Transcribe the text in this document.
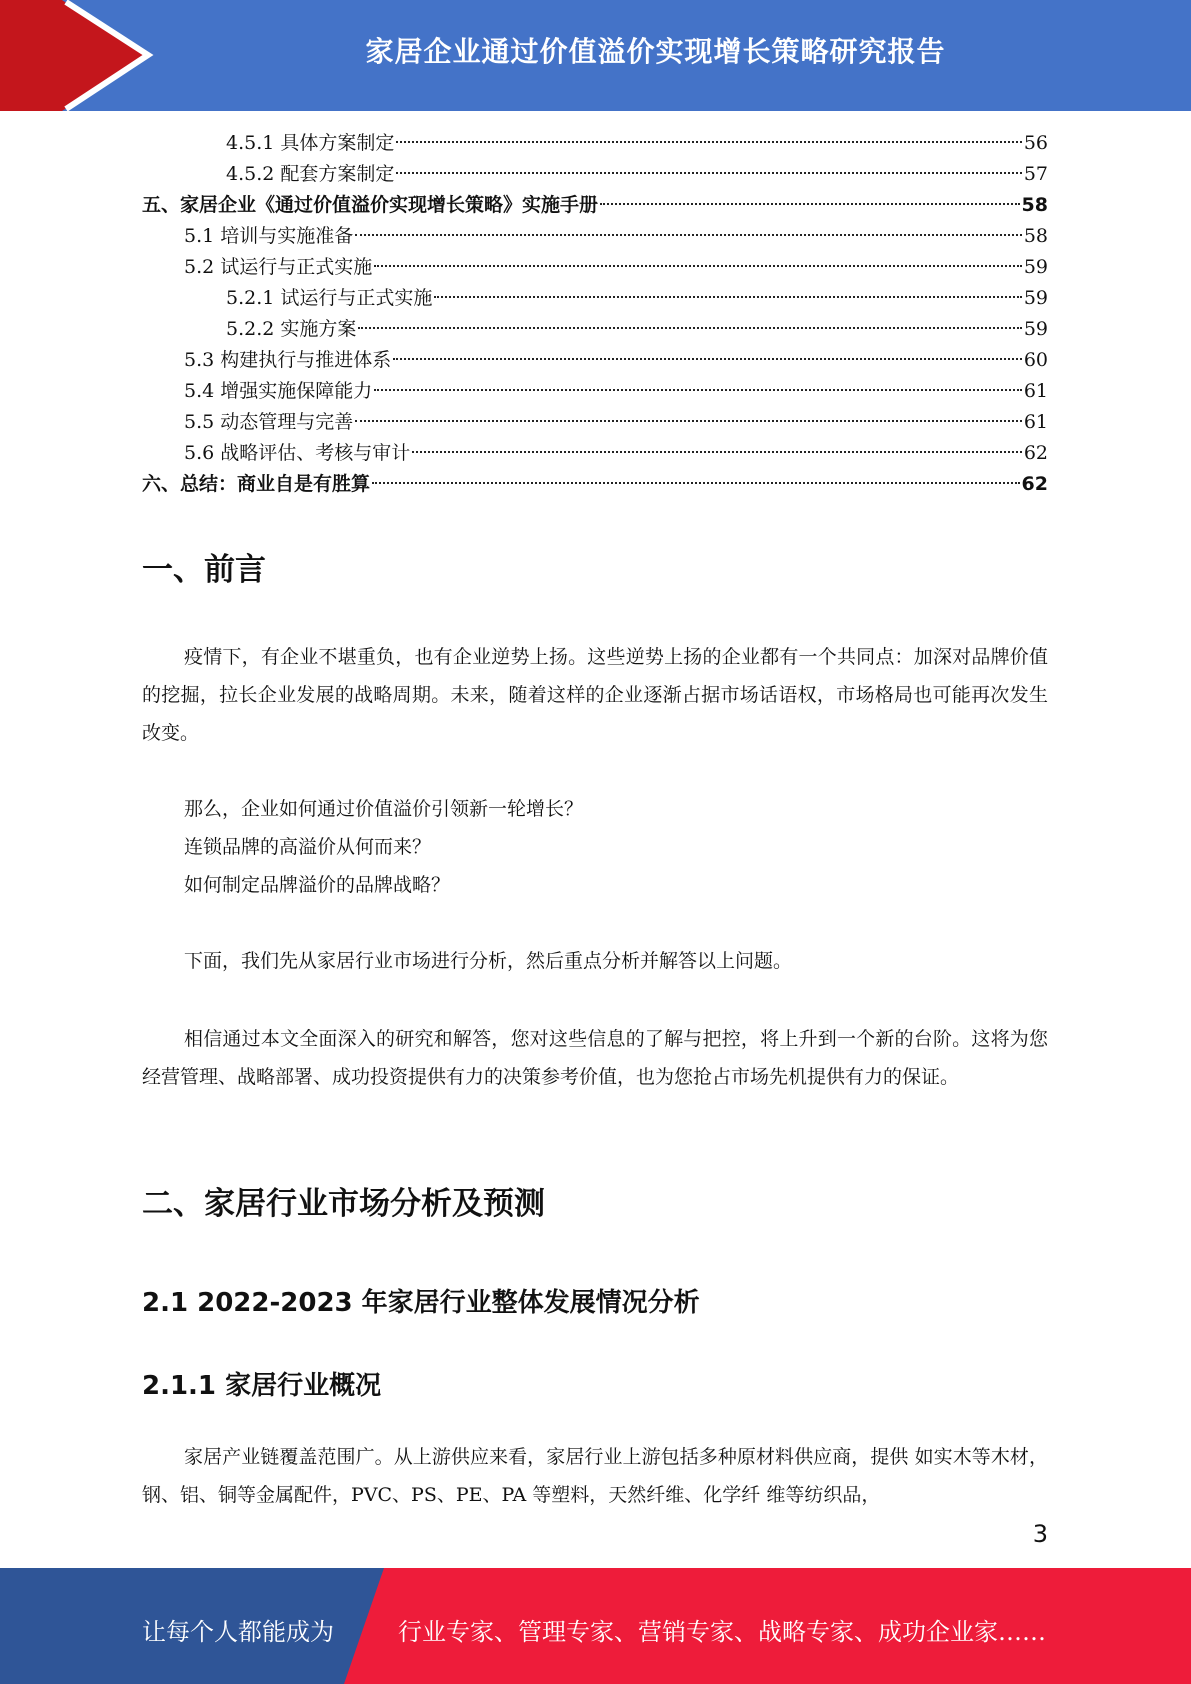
家居企业通过价值溢价实现增长策略研究报告
4.5.1 具体方案制定	56
4.5.2 配套方案制定	57
五、家居企业《通过价值溢价实现增长策略》实施手册	58
5.1 培训与实施准备	58
5.2 试运行与正式实施	59
5.2.1 试运行与正式实施	59
5.2.2 实施方案	59
5.3 构建执行与推进体系	60
5.4 增强实施保障能力	61
5.5 动态管理与完善	61
5.6 战略评估、考核与审计	62
六、总结：商业自是有胜算	62
一、前言
疫情下，有企业不堪重负，也有企业逆势上扬。这些逆势上扬的企业都有一个共同点：加深对品牌价值的挖掘，拉长企业发展的战略周期。未来，随着这样的企业逐渐占据市场话语权，市场格局也可能再次发生改变。
那么，企业如何通过价值溢价引领新一轮增长？
连锁品牌的高溢价从何而来？
如何制定品牌溢价的品牌战略？
下面，我们先从家居行业市场进行分析，然后重点分析并解答以上问题。
相信通过本文全面深入的研究和解答，您对这些信息的了解与把控，将上升到一个新的台阶。这将为您经营管理、战略部署、成功投资提供有力的决策参考价值，也为您抢占市场先机提供有力的保证。
二、家居行业市场分析及预测
2.1 2022-2023 年家居行业整体发展情况分析
2.1.1 家居行业概况
家居产业链覆盖范围广。从上游供应来看，家居行业上游包括多种原材料供应商，提供 如实木等木材，钢、铝、铜等金属配件，PVC、PS、PE、PA 等塑料，天然纤维、化学纤 维等纺织品，
3
让每个人都能成为	行业专家、管理专家、营销专家、战略专家、成功企业家……
